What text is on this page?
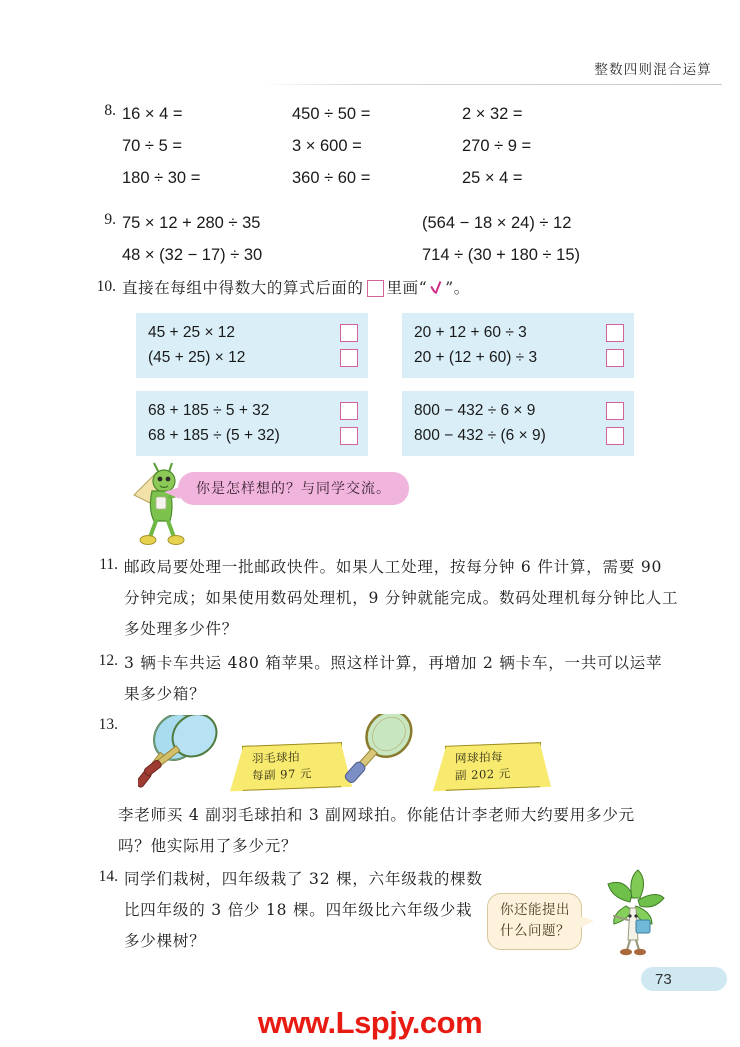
整数四则混合运算
8. 16 × 4 =	450 ÷ 50 =	2 × 32 =
70 ÷ 5 =	3 × 600 =	270 ÷ 9 =
180 ÷ 30 =	360 ÷ 60 =	25 × 4 =
9. 75 × 12 + 280 ÷ 35	(564 − 18 × 24) ÷ 12
48 × (32 − 17) ÷ 30	714 ÷ (30 + 180 ÷ 15)
10. 直接在每组中得数大的算式后面的 里画 “ ”。
45 + 25 × 12
(45 + 25) × 12
20 + 12 + 60 ÷ 3
20 + (12 + 60) ÷ 3
68 + 185 ÷ 5 + 32
68 + 185 ÷ (5 + 32)
800 − 432 ÷ 6 × 9
800 − 432 ÷ (6 × 9)
你是怎样想的？与同学交流。
11. 邮政局要处理一批邮政快件。如果人工处理，按每分钟 6 件计算，需要 90 分钟完成；如果使用数码处理机，9 分钟就能完成。数码处理机每分钟比人工多处理多少件？
12. 3 辆卡车共运 480 箱苹果。照这样计算，再增加 2 辆卡车，一共可以运苹果多少箱？
13.
羽毛球拍
每副 97 元
网球拍每
副 202 元
李老师买 4 副羽毛球拍和 3 副网球拍。你能估计李老师大约要用多少元吗？他实际用了多少元？
14. 同学们栽树，四年级栽了 32 棵，六年级栽的棵数比四年级的 3 倍少 18 棵。四年级比六年级少栽多少棵树？
你还能提出
什么问题？
73
www.Lspjy.com
